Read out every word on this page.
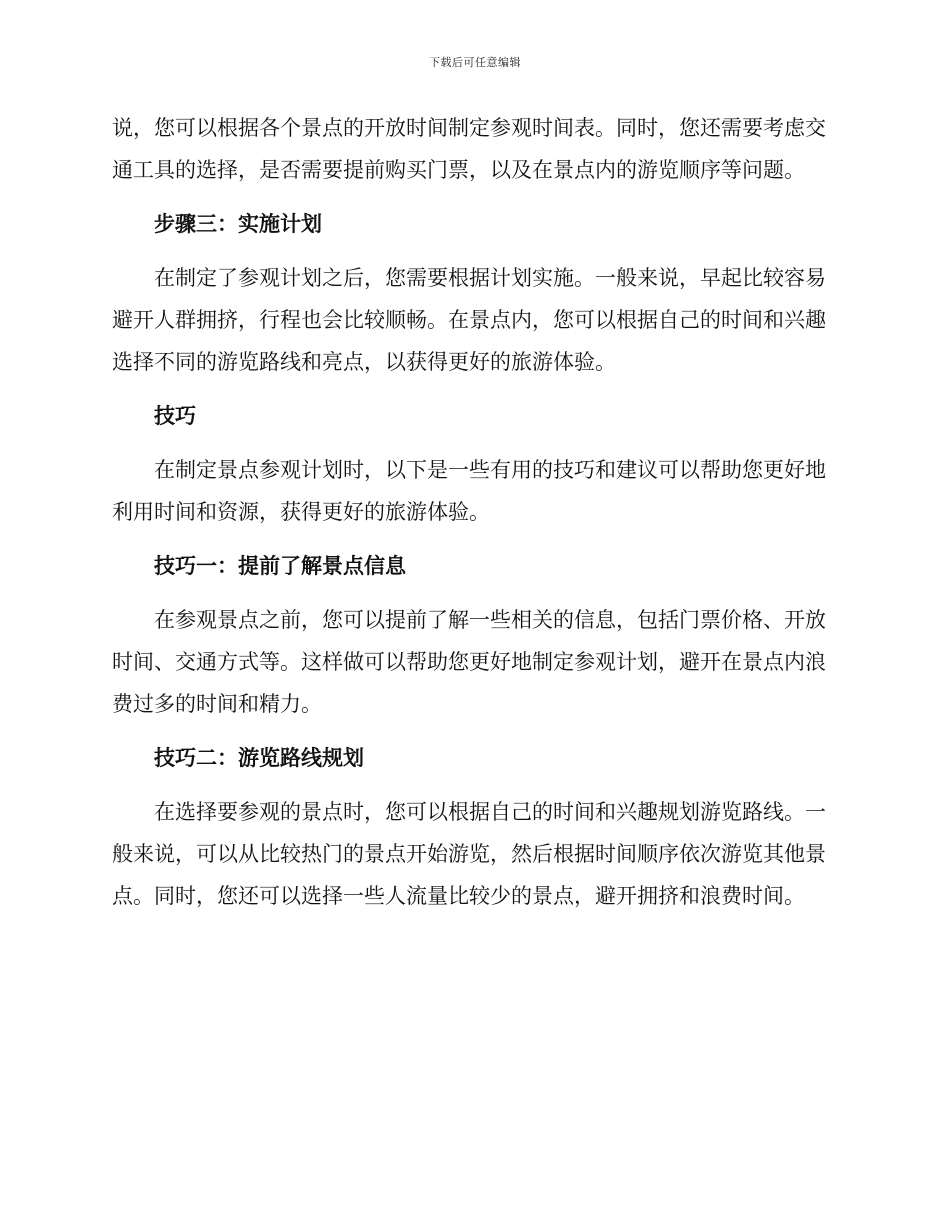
下载后可任意编辑

说，您可以根据各个景点的开放时间制定参观时间表。同时，您还需要考虑交通工具的选择，是否需要提前购买门票，以及在景点内的游览顺序等问题。

步骤三：实施计划

在制定了参观计划之后，您需要根据计划实施。一般来说，早起比较容易避开人群拥挤，行程也会比较顺畅。在景点内，您可以根据自己的时间和兴趣选择不同的游览路线和亮点，以获得更好的旅游体验。

技巧

在制定景点参观计划时，以下是一些有用的技巧和建议可以帮助您更好地利用时间和资源，获得更好的旅游体验。

技巧一：提前了解景点信息

在参观景点之前，您可以提前了解一些相关的信息，包括门票价格、开放时间、交通方式等。这样做可以帮助您更好地制定参观计划，避开在景点内浪费过多的时间和精力。

技巧二：游览路线规划

在选择要参观的景点时，您可以根据自己的时间和兴趣规划游览路线。一般来说，可以从比较热门的景点开始游览，然后根据时间顺序依次游览其他景点。同时，您还可以选择一些人流量比较少的景点，避开拥挤和浪费时间。
